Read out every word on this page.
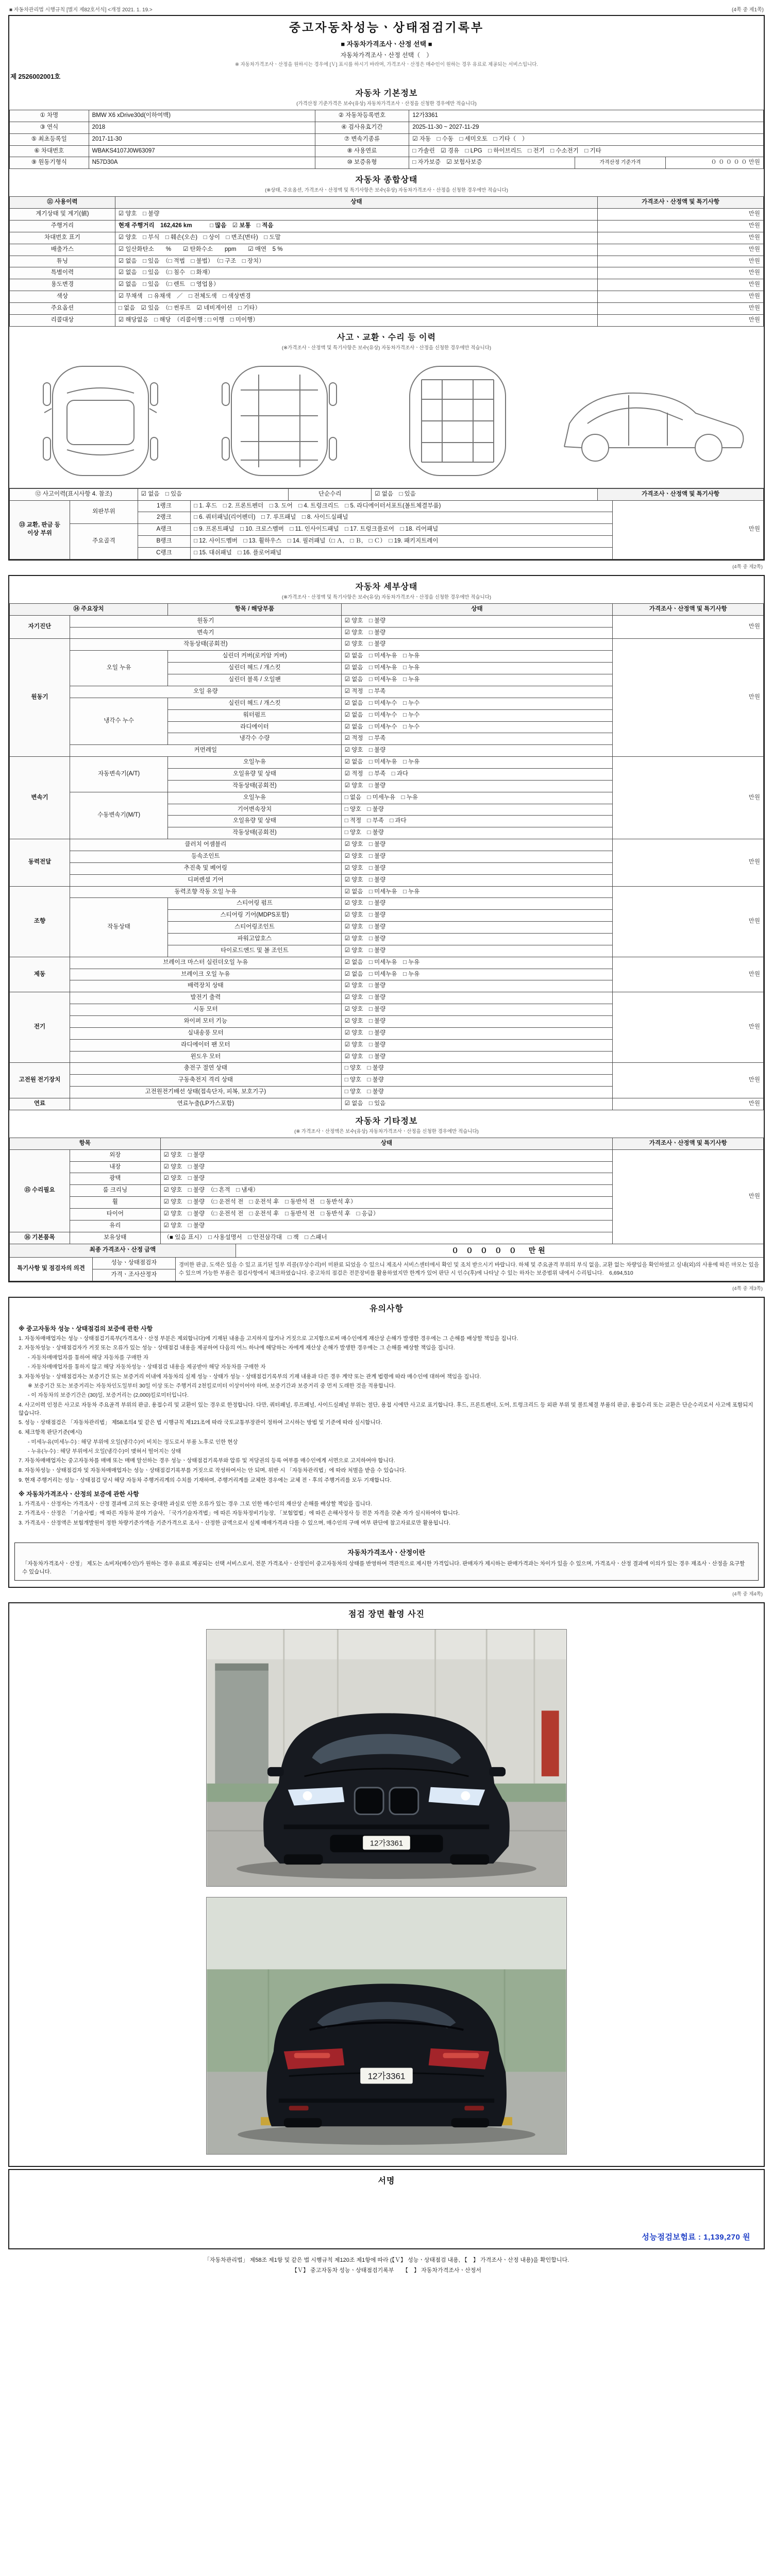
■ 자동차관리법 시행규칙 [별지 제82호서식] <개정 2021. 1. 19.>	(4쪽 중 제1쪽)
중고자동차성능ㆍ상태점검기록부
■ 자동차가격조사ㆍ산정 선택 ■
자동차가격조사ㆍ산정 선택（　）
※ 자동차가격조사ㆍ산정을 원하시는 경우에 [Ｖ] 표시를 하시기 바라며, 가격조사ㆍ산정은 매수인이 원하는 경우 유료로 제공되는 서비스입니다.
제 2526002001호
자동차 기본정보
(가격산정 기준가격은 보수(유상) 자동차가격조사ㆍ산정을 신청한 경우에만 적습니다)
① 차명	BMW X6 xDrive30d(이하여백)	② 자동차등록번호	12가3361		
③ 연식	2018	④ 검사유효기간	2025-11-30 ~ 2027-11-29		
⑤ 최초등록일	2017-11-30	⑦ 변속기종류	☑ 자동　□ 수동　□ 세미오토　□ 기타（　）		
⑥ 차대번호	WBAKS4107J0W63097	⑧ 사용연료	□ 가솔린　☑ 경유　□ LPG　□ 하이브리드　□ 전기　□ 수소전기　□ 기타		
⑨ 원동기형식	N57D30A	⑩ 보증유형	□ 자가보증　☑ 보험사보증	가격산정 기준가격	０ ０ ０ ０ ０ 만원
자동차 종합상태
(※상태, 주요옵션, 가격조사ㆍ산정액 및 특기사항은 보수(유상) 자동차가격조사ㆍ산정을 신청한 경우에만 적습니다)
⑪ 사용이력	상태	가격조사ㆍ산정액 및 특기사항
계기상태 및 계기(値)	☑ 양호　□ 불량	만원
주행거리	현재 주행거리　162,426 km　　　□ 많음　☑ 보통　□ 적음	만원
차대번호 표기	☑ 양호　□ 부식　□ 훼손(오손)　□ 상이　□ 변조(변타)　□ 도말	만원
배출가스	☑ 일산화탄소　　%　　☑ 탄화수소　　ppm　　☑ 매연　5 %	만원
튜닝	☑ 없음　□ 있음　（□ 적법　□ 불법）　（□ 구조　□ 장치）	만원
특별이력	☑ 없음　□ 있음　（□ 침수　□ 화재）	만원
용도변경	☑ 없음　□ 있음　（□ 렌트　□ 영업용）	만원
색상	☑ 무채색　□ 유채색　／　□ 전체도색　□ 색상변경	만원
주요옵션	□ 없음　☑ 있음　（□ 썬루프　☑ 네비게이션　□ 기타）	만원
리콜대상	☑ 해당없음　□ 해당　（리콜이행 : □ 이행　□ 미이행）	만원
사고ㆍ교환ㆍ수리 등 이력
(※가격조사ㆍ산정액 및 특기사항은 보수(유상) 자동차가격조사ㆍ산정을 신청한 경우에만 적습니다)
⑫ 사고이력(표시사항 4. 참조)	☑ 없음　□ 있음	단순수리	☑ 없음　□ 있음	가격조사ㆍ산정액 및 특기사항
⑬ 교환, 판금 등 이상 부위	외판부위	1랭크	□ 1. 후드　□ 2. 프론트펜더　□ 3. 도어　□ 4. 트렁크리드　□ 5. 라디에이터서포트(볼트체결부품)	만원
		2랭크	□ 6. 쿼터패널(리어펜더)　□ 7. 루프패널　□ 8. 사이드실패널	
	주요골격	A랭크	□ 9. 프론트패널　□ 10. 크로스멤버　□ 11. 인사이드패널　□ 17. 트렁크플로어　□ 18. 리어패널	
		B랭크	□ 12. 사이드멤버　□ 13. 휠하우스　□ 14. 필러패널（□ Ａ,　□ Ｂ,　□ Ｃ）　□ 19. 패키지트레이	
		C랭크	□ 15. 대쉬패널　□ 16. 플로어패널	
(4쪽 중 제2쪽)
자동차 세부상태
(※가격조사ㆍ산정액 및 특기사항은 보수(유상) 자동차가격조사ㆍ산정을 신청한 경우에만 적습니다)
⑭ 주요장치		항목 / 해당부품	상태	가격조사ㆍ산정액 및 특기사항
자기진단	원동기		☑ 양호　□ 불량	만원
	변속기		☑ 양호　□ 불량	
원동기	작동상태(공회전)		☑ 양호　□ 불량	만원
	오일 누유	실린더 커버(로커암 커버)	☑ 없음　□ 미세누유　□ 누유	
		실린더 헤드 / 개스킷	☑ 없음　□ 미세누유　□ 누유	
		실린더 블록 / 오일팬	☑ 없음　□ 미세누유　□ 누유	
	오일 유량		☑ 적정　□ 부족	
	냉각수 누수	실린더 헤드 / 개스킷	☑ 없음　□ 미세누수　□ 누수	
		워터펌프	☑ 없음　□ 미세누수　□ 누수	
		라디에이터	☑ 없음　□ 미세누수　□ 누수	
		냉각수 수량	☑ 적정　□ 부족	
	커먼레일		☑ 양호　□ 불량	
변속기	자동변속기(A/T)	오일누유	☑ 없음　□ 미세누유　□ 누유	만원
		오일유량 및 상태	☑ 적정　□ 부족　□ 과다	
		작동상태(공회전)	☑ 양호　□ 불량	
	수동변속기(M/T)	오일누유	□ 없음　□ 미세누유　□ 누유	
		기어변속장치	□ 양호　□ 불량	
		오일유량 및 상태	□ 적정　□ 부족　□ 과다	
		작동상태(공회전)	□ 양호　□ 불량	
동력전달	클러치 어셈블리		☑ 양호　□ 불량	만원
	등속조인트		☑ 양호　□ 불량	
	추진축 및 베어링		☑ 양호　□ 불량	
	디퍼렌셜 기어		☑ 양호　□ 불량	
조향	동력조향 작동 오일 누유		☑ 없음　□ 미세누유　□ 누유	만원
	작동상태	스티어링 펌프	☑ 양호　□ 불량	
		스티어링 기어(MDPS포함)	☑ 양호　□ 불량	
		스티어링조인트	☑ 양호　□ 불량	
		파워고압호스	☑ 양호　□ 불량	
		타이로드엔드 및 볼 조인트	☑ 양호　□ 불량	
제동	브레이크 마스터 실린더오일 누유		☑ 없음　□ 미세누유　□ 누유	만원
	브레이크 오일 누유		☑ 없음　□ 미세누유　□ 누유	
	배력장치 상태		☑ 양호　□ 불량	
전기	발전기 출력		☑ 양호　□ 불량	만원
	시동 모터		☑ 양호　□ 불량	
	와이퍼 모터 기능		☑ 양호　□ 불량	
	실내송풍 모터		☑ 양호　□ 불량	
	라디에이터 팬 모터		☑ 양호　□ 불량	
	윈도우 모터		☑ 양호　□ 불량	
고전원 전기장치	충전구 절연 상태		□ 양호　□ 불량	만원
	구동축전지 격리 상태		□ 양호　□ 불량	
	고전원전기배선 상태(접속단자, 피복, 보호기구)		□ 양호　□ 불량	
연료	연료누출(LP가스포함)		☑ 없음　□ 있음	만원
자동차 기타정보
(※ 가격조사ㆍ산정액은 보수(유상) 자동차가격조사ㆍ산정을 신청한 경우에만 적습니다)
항목		상태	가격조사ㆍ산정액 및 특기사항
⑮ 수리필요	외장	☑ 양호　□ 불량	만원
	내장	☑ 양호　□ 불량	
	광택	☑ 양호　□ 불량	
	룸 크리닝	☑ 양호　□ 불량　（□ 흔적　□ 냄새）	
	휠	☑ 양호　□ 불량　（□ 운전석 전　□ 운전석 후　□ 동반석 전　□ 동반석 후）	
	타이어	☑ 양호　□ 불량　（□ 운전석 전　□ 운전석 후　□ 동반석 전　□ 동반석 후　□ 응급）	
	유리	☑ 양호　□ 불량	
⑯ 기본품목	보유상태	（■ 있음 표시）　□ 사용설명서　□ 안전삼각대　□ 잭　□ 스패너	
최종 가격조사ㆍ산정 금액	０ ０ ０ ０ ０　만원
특기사항 및 점검자의 의견	성능ㆍ상태점검자	경미한 판금, 도색은 있을 수 있고 표기된 일부 리콜(무상수리)이 미완료 되었을 수 있으니 제조사 서비스센터에서 확인 및 조치 받으시기 바랍니다. 하체 및 주요골격 부위의 부식 없음, 교환 없는 차량임을 확인하였고 실내(외)의 사용에 따른 마모는 있을 수 있으며 가능한 부품은 점검사항에서 체크하였습니다. 중고차의 점검은 전문장비를 활용하였지만 한계가 있어 판단 시 인수(후)에 나타날 수 있는 하자는 보증범위 내에서 수리됩니다.　6,694,510
가격ㆍ조사산정자
(4쪽 중 제3쪽)
유의사항

※ 중고자동차 성능ㆍ상태점검의 보증에 관한 사항

1. 자동차매매업자는 성능ㆍ상태점검기록부(가격조사ㆍ산정 부분은 제외합니다)에 기재된 내용을 고지하지 않거나 거짓으로 고지함으로써 매수인에게 재산상 손해가 발생한 경우에는 그 손해를 배상할 책임을 집니다.

2. 자동차성능ㆍ상태점검자가 거짓 또는 오류가 있는 성능ㆍ상태점검 내용을 제공하여 다음의 어느 하나에 해당하는 자에게 재산상 손해가 발생한 경우에는 그 손해를 배상할 책임을 집니다.

- 자동차매매업자를 통하여 해당 자동차를 구매한 자

- 자동차매매업자를 통하지 않고 해당 자동차성능ㆍ상태점검 내용을 제공받아 해당 자동차를 구매한 자

3. 자동차성능ㆍ상태점검자는 보증기간 또는 보증거리 이내에 자동차의 실제 성능ㆍ상태가 성능ㆍ상태점검기록부의 기재 내용과 다른 경우 계약 또는 관계 법령에 따라 매수인에 대하여 책임을 집니다.

※ 보증기간 또는 보증거리는 자동차인도일부터 30일 이상 또는 주행거리 2천킬로미터 이상이어야 하며, 보증기간과 보증거리 중 먼저 도래한 것을 적용합니다.

- 이 자동차의 보증기간은 (30)일, 보증거리는 (2,000)킬로미터입니다.

4. 사고이력 인정은 사고로 자동차 주요골격 부위의 판금, 용접수리 및 교환이 있는 경우로 한정합니다. 다만, 쿼터패널, 루프패널, 사이드실패널 부위는 절단, 용접 시에만 사고로 표기합니다. 후드, 프론트펜더, 도어, 트렁크리드 등 외판 부위 및 볼트체결 부품의 판금, 용접수리 또는 교환은 단순수리로서 사고에 포함되지 않습니다.

5. 성능ㆍ상태점검은 「자동차관리법」 제58조의4 및 같은 법 시행규칙 제121조에 따라 국토교통부장관이 정하여 고시하는 방법 및 기준에 따라 실시합니다.

6. 체크항목 판단기준(예시)

- 미세누유(미세누수) : 해당 부위에 오일(냉각수)이 비치는 정도로서 부품 노후로 인한 현상

- 누유(누수) : 해당 부위에서 오일(냉각수)이 맺혀서 떨어지는 상태

7. 자동차매매업자는 중고자동차를 매매 또는 매매 알선하는 경우 성능ㆍ상태점검기록부와 압류 및 저당권의 등록 여부를 매수인에게 서면으로 고지하여야 합니다.

8. 자동차성능ㆍ상태점검자 및 자동차매매업자는 성능ㆍ상태점검기록부를 거짓으로 작성하여서는 안 되며, 위반 시 「자동차관리법」에 따라 처벌을 받을 수 있습니다.

9. 현재 주행거리는 성능ㆍ상태점검 당시 해당 자동차 주행거리계의 수치를 기재하며, 주행거리계를 교체한 경우에는 교체 전ㆍ후의 주행거리를 모두 기재합니다.

※ 자동차가격조사ㆍ산정의 보증에 관한 사항

1. 가격조사ㆍ산정자는 가격조사ㆍ산정 결과에 고의 또는 중대한 과실로 인한 오류가 있는 경우 그로 인한 매수인의 재산상 손해를 배상할 책임을 집니다.

2. 가격조사ㆍ산정은 「기술사법」에 따른 자동차 분야 기술사, 「국가기술자격법」에 따른 자동차정비기능장, 「보험업법」에 따른 손해사정사 등 전문 자격을 갖춘 자가 실시하여야 합니다.

3. 가격조사ㆍ산정액은 보험개발원이 정한 차량기준가액을 기준가격으로 조사ㆍ산정한 금액으로서 실제 매매가격과 다를 수 있으며, 매수인의 구매 여부 판단에 참고자료로만 활용됩니다.

자동차가격조사ㆍ산정이란
「자동차가격조사ㆍ산정」 제도는 소비자(매수인)가 원하는 경우 유료로 제공되는 선택 서비스로서, 전문 가격조사ㆍ산정인이 중고자동차의 상태를 반영하여 객관적으로 제시한 가격입니다. 판매자가 제시하는 판매가격과는 차이가 있을 수 있으며, 가격조사ㆍ산정 결과에 이의가 있는 경우 재조사ㆍ산정을 요구할 수 있습니다.
(4쪽 중 제4쪽)
점검 장면 촬영 사진
12가3361
12가3361
서명
성능점검보험료 : 1,139,270 원
「자동차관리법」 제58조 제1항 및 같은 법 시행규칙 제120조 제1항에 따라 (【Ｖ】 성능ㆍ상태점검 내용, 【　】 가격조사ㆍ산정 내용)을 확인합니다.
【Ｖ】 중고자동차 성능ㆍ상태점검기록부　　【　】 자동차가격조사ㆍ산정서
